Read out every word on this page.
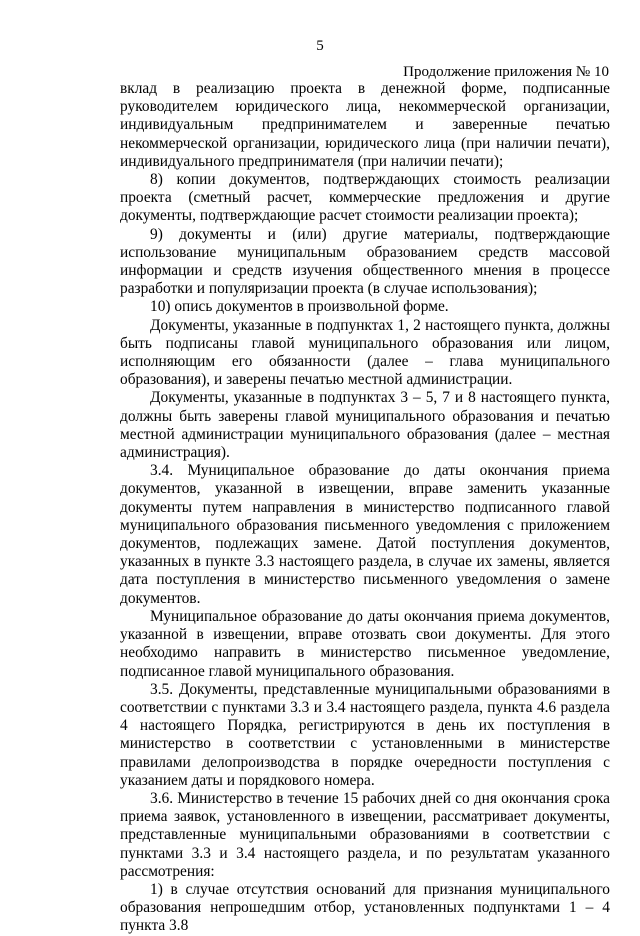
5
Продолжение приложения № 10

вклад в реализацию проекта в денежной форме, подписанные руководителем юридического лица, некоммерческой организации, индивидуальным предпринимателем и заверенные печатью некоммерческой организации, юридического лица (при наличии печати), индивидуального предпринимателя (при наличии печати);

8) копии документов, подтверждающих стоимость реализации проекта (сметный расчет, коммерческие предложения и другие документы, подтверждающие расчет стоимости реализации проекта);

9) документы и (или) другие материалы, подтверждающие использование муниципальным образованием средств массовой информации и средств изучения общественного мнения в процессе разработки и популяризации проекта (в случае использования);

10) опись документов в произвольной форме.

Документы, указанные в подпунктах 1, 2 настоящего пункта, должны быть подписаны главой муниципального образования или лицом, исполняющим его обязанности (далее – глава муниципального образования), и заверены печатью местной администрации.

Документы, указанные в подпунктах 3 – 5, 7 и 8 настоящего пункта, должны быть заверены главой муниципального образования и печатью местной администрации муниципального образования (далее – местная администрация).

3.4. Муниципальное образование до даты окончания приема документов, указанной в извещении, вправе заменить указанные документы путем направления в министерство подписанного главой муниципального образования письменного уведомления с приложением документов, подлежащих замене. Датой поступления документов, указанных в пункте 3.3 настоящего раздела, в случае их замены, является дата поступления в министерство письменного уведомления о замене документов.

Муниципальное образование до даты окончания приема документов, указанной в извещении, вправе отозвать свои документы. Для этого необходимо направить в министерство письменное уведомление, подписанное главой муниципального образования.

3.5. Документы, представленные муниципальными образованиями в соответствии с пунктами 3.3 и 3.4 настоящего раздела, пункта 4.6 раздела 4 настоящего Порядка, регистрируются в день их поступления в министерство в соответствии с установленными в министерстве правилами делопроизводства в порядке очередности поступления с указанием даты и порядкового номера.

3.6. Министерство в течение 15 рабочих дней со дня окончания срока приема заявок, установленного в извещении, рассматривает документы, представленные муниципальными образованиями в соответствии с пунктами 3.3 и 3.4 настоящего раздела, и по результатам указанного рассмотрения:

1) в случае отсутствия оснований для признания муниципального образования непрошедшим отбор, установленных подпунктами 1 – 4 пункта 3.8
